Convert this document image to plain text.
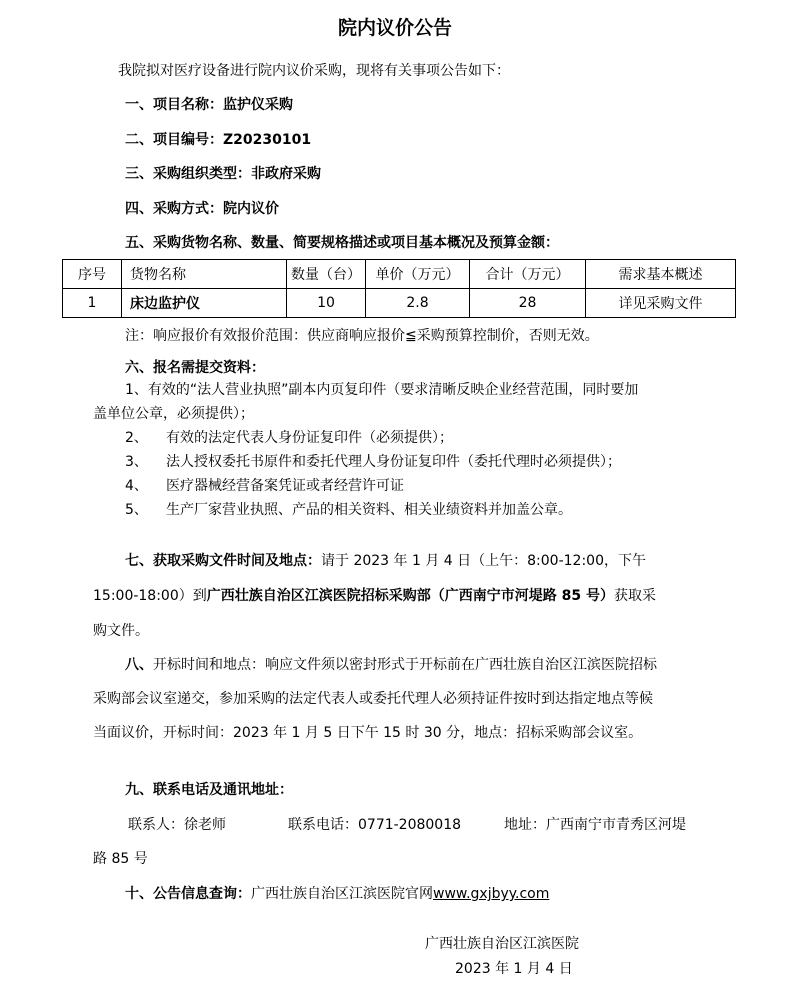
院内议价公告
我院拟对医疗设备进行院内议价采购，现将有关事项公告如下：
一、项目名称：监护仪采购
二、项目编号：Z20230101
三、采购组织类型：非政府采购
四、采购方式：院内议价
五、采购货物名称、数量、简要规格描述或项目基本概况及预算金额：
序号	货物名称	数量（台）	单价（万元）	合计（万元）	需求基本概述
1	床边监护仪	10	2.8	28	详见采购文件
注：响应报价有效报价范围：供应商响应报价≦采购预算控制价，否则无效。
六、报名需提交资料：
1、有效的“法人营业执照”副本内页复印件（要求清晰反映企业经营范围，同时要加
盖单位公章，必须提供）；
2、 有效的法定代表人身份证复印件（必须提供）；
3、 法人授权委托书原件和委托代理人身份证复印件（委托代理时必须提供）；
4、 医疗器械经营备案凭证或者经营许可证
5、 生产厂家营业执照、产品的相关资料、相关业绩资料并加盖公章。
七、获取采购文件时间及地点：请于 2023 年 1 月 4 日（上午：8:00-12:00，下午
15:00-18:00）到广西壮族自治区江滨医院招标采购部（广西南宁市河堤路 85 号）获取采
购文件。
八、开标时间和地点：响应文件须以密封形式于开标前在广西壮族自治区江滨医院招标
采购部会议室递交，参加采购的法定代表人或委托代理人必须持证件按时到达指定地点等候
当面议价，开标时间：2023 年 1 月 5 日下午 15 时 30 分，地点：招标采购部会议室。
九、联系电话及通讯地址：
联系人：徐老师	联系电话：0771-2080018	地址：广西南宁市青秀区河堤
路 85 号
十、公告信息查询：广西壮族自治区江滨医院官网www.gxjbyy.com
广西壮族自治区江滨医院
2023 年 1 月 4 日
